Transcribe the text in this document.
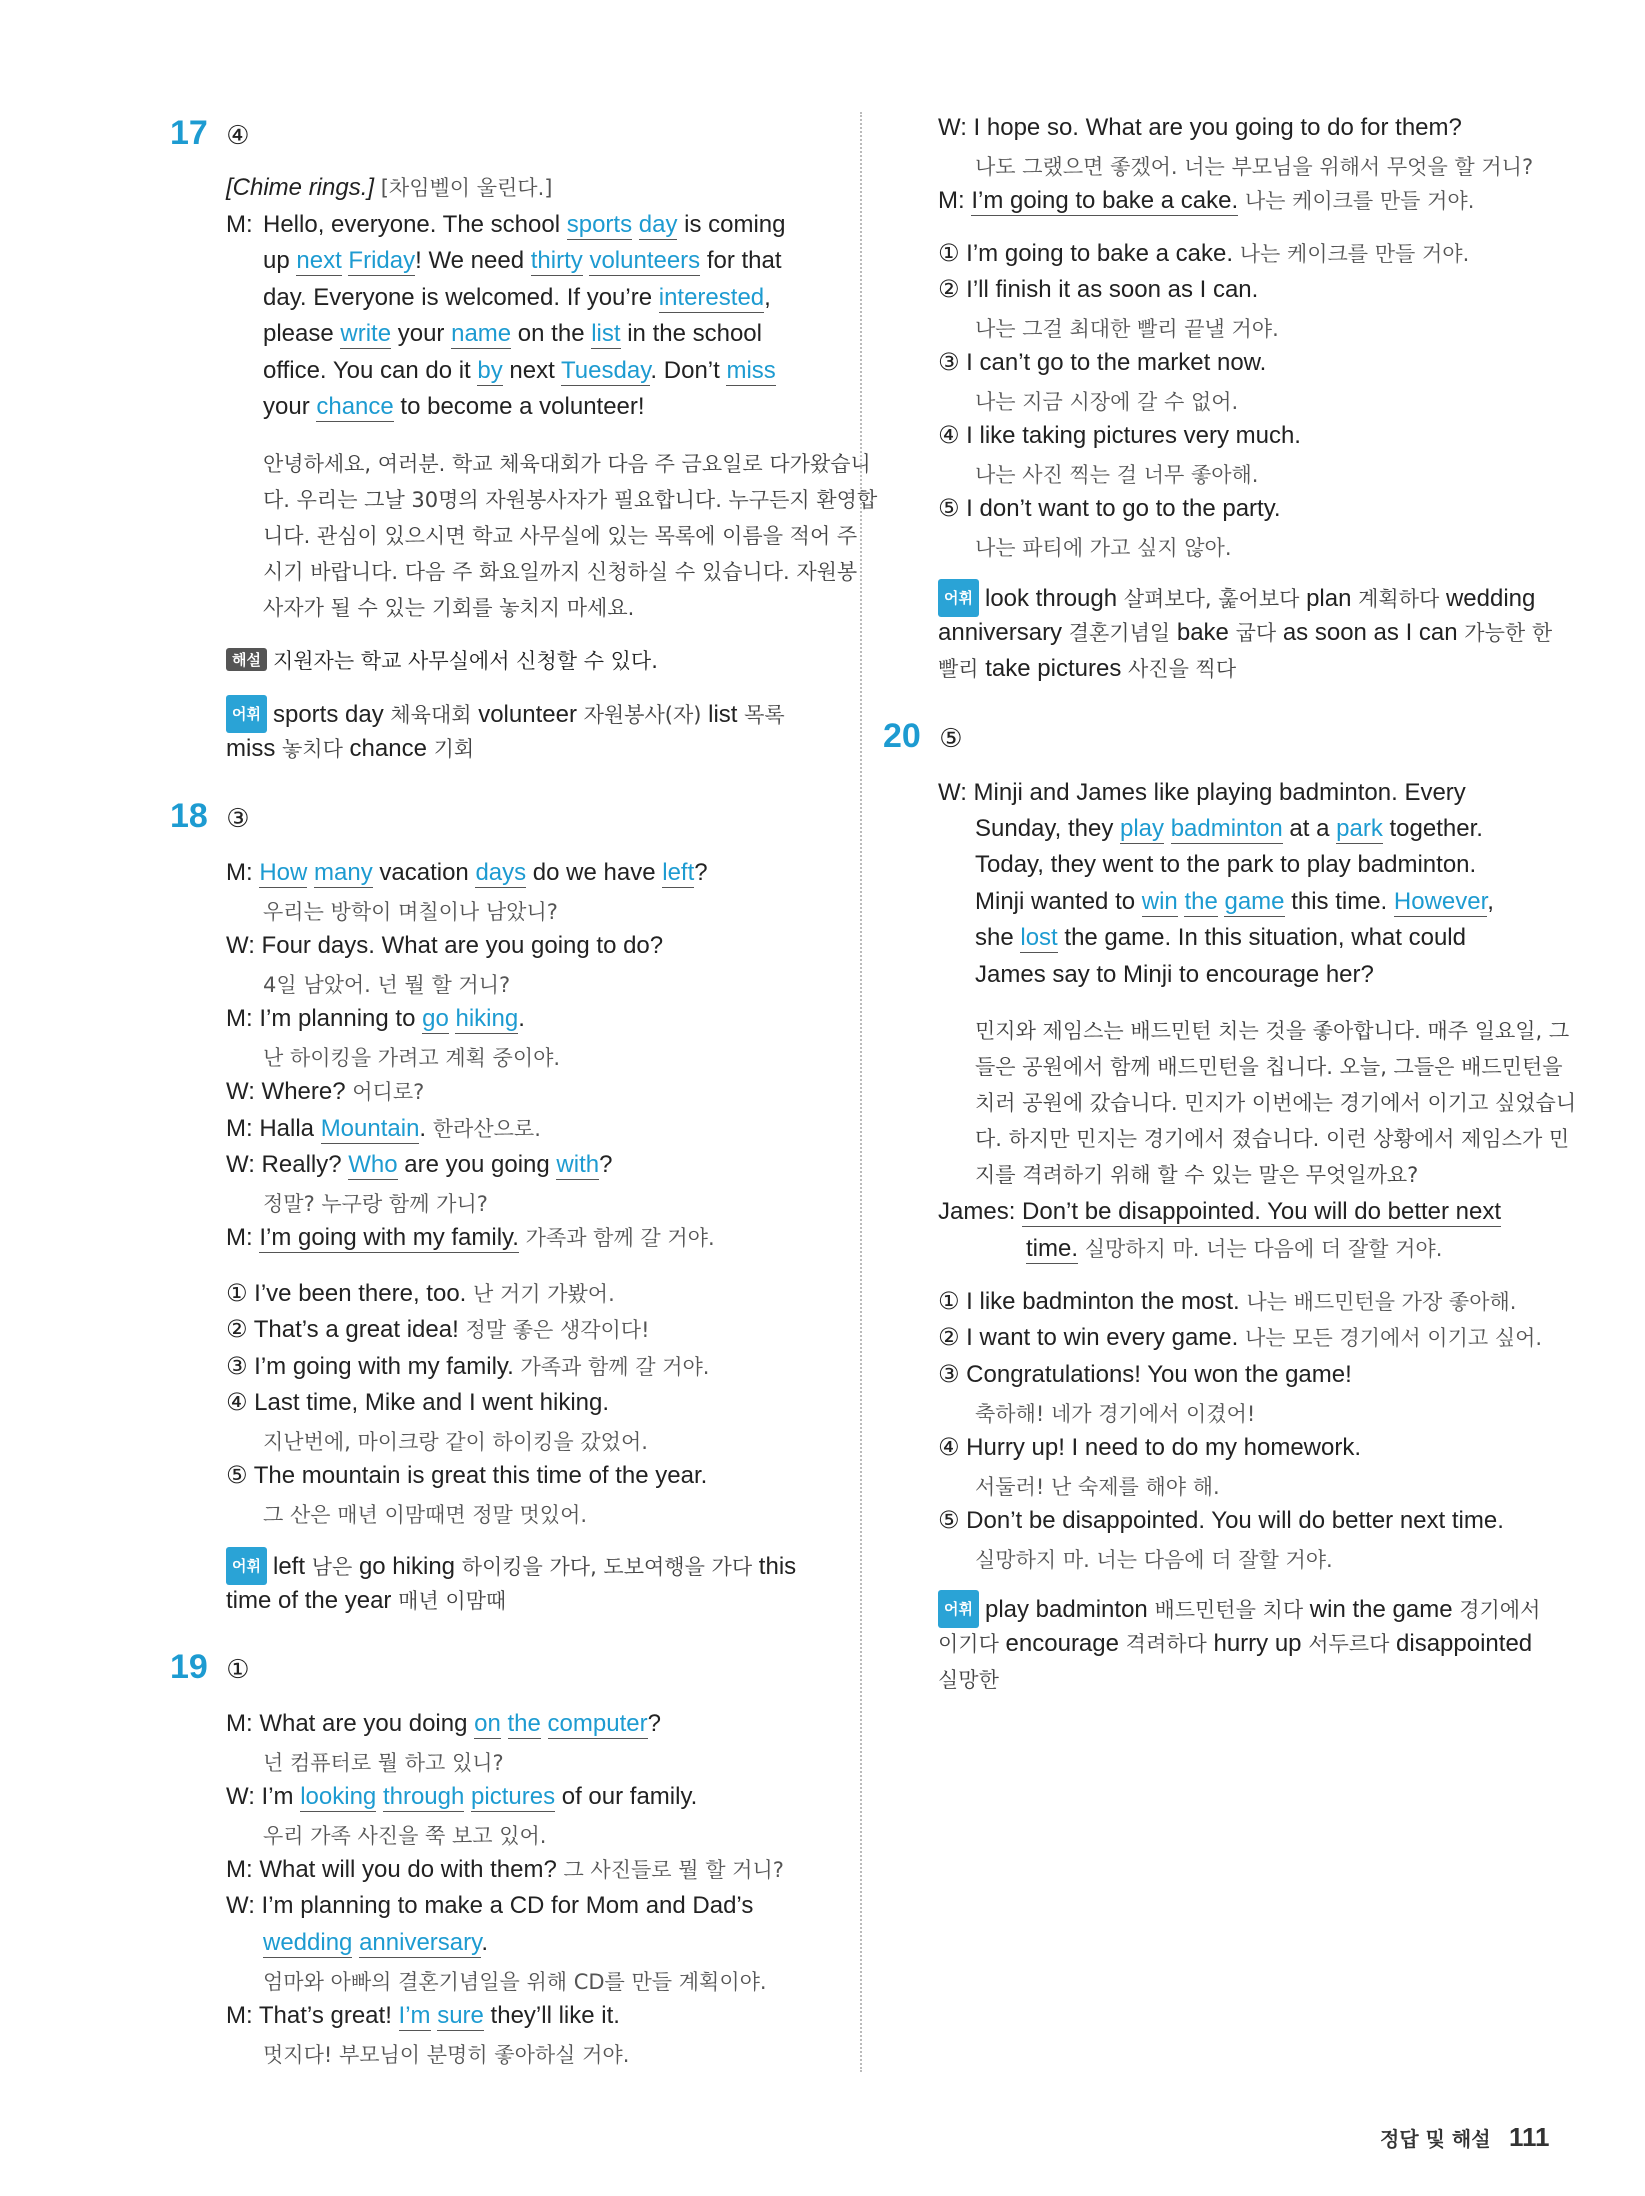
17 ④
[Chime rings.] [차임벨이 울린다.]
M: Hello, everyone. The school sports day is coming
up next Friday! We need thirty volunteers for that
day. Everyone is welcomed. If you’re interested,
please write your name on the list in the school
office. You can do it by next Tuesday. Don’t miss
your chance to become a volunteer!
안녕하세요, 여러분. 학교 체육대회가 다음 주 금요일로 다가왔습니
다. 우리는 그날 30명의 자원봉사자가 필요합니다. 누구든지 환영합
니다. 관심이 있으시면 학교 사무실에 있는 목록에 이름을 적어 주
시기 바랍니다. 다음 주 화요일까지 신청하실 수 있습니다. 자원봉
사자가 될 수 있는 기회를 놓치지 마세요.
해설 지원자는 학교 사무실에서 신청할 수 있다.
어휘 sports day 체육대회 volunteer 자원봉사(자) list 목록
miss 놓치다 chance 기회
18 ③
M: How many vacation days do we have left?
우리는 방학이 며칠이나 남았니?
W: Four days. What are you going to do?
4일 남았어. 넌 뭘 할 거니?
M: I’m planning to go hiking.
난 하이킹을 가려고 계획 중이야.
W: Where? 어디로?
M: Halla Mountain. 한라산으로.
W: Really? Who are you going with?
정말? 누구랑 함께 가니?
M: I’m going with my family. 가족과 함께 갈 거야.
① I’ve been there, too. 난 거기 가봤어.
② That’s a great idea! 정말 좋은 생각이다!
③ I’m going with my family. 가족과 함께 갈 거야.
④ Last time, Mike and I went hiking.
지난번에, 마이크랑 같이 하이킹을 갔었어.
⑤ The mountain is great this time of the year.
그 산은 매년 이맘때면 정말 멋있어.
어휘 left 남은 go hiking 하이킹을 가다, 도보여행을 가다 this
time of the year 매년 이맘때
19 ①
M: What are you doing on the computer?
넌 컴퓨터로 뭘 하고 있니?
W: I’m looking through pictures of our family.
우리 가족 사진을 쭉 보고 있어.
M: What will you do with them? 그 사진들로 뭘 할 거니?
W: I’m planning to make a CD for Mom and Dad’s
wedding anniversary.
엄마와 아빠의 결혼기념일을 위해 CD를 만들 계획이야.
M: That’s great! I’m sure they’ll like it.
멋지다! 부모님이 분명히 좋아하실 거야.
W: I hope so. What are you going to do for them?
나도 그랬으면 좋겠어. 너는 부모님을 위해서 무엇을 할 거니?
M: I’m going to bake a cake. 나는 케이크를 만들 거야.
① I’m going to bake a cake. 나는 케이크를 만들 거야.
② I’ll finish it as soon as I can.
나는 그걸 최대한 빨리 끝낼 거야.
③ I can’t go to the market now.
나는 지금 시장에 갈 수 없어.
④ I like taking pictures very much.
나는 사진 찍는 걸 너무 좋아해.
⑤ I don’t want to go to the party.
나는 파티에 가고 싶지 않아.
어휘 look through 살펴보다, 훑어보다 plan 계획하다 wedding
anniversary 결혼기념일 bake 굽다 as soon as I can 가능한 한
빨리 take pictures 사진을 찍다
20 ⑤
W: Minji and James like playing badminton. Every
Sunday, they play badminton at a park together.
Today, they went to the park to play badminton.
Minji wanted to win the game this time. However,
she lost the game. In this situation, what could
James say to Minji to encourage her?
민지와 제임스는 배드민턴 치는 것을 좋아합니다. 매주 일요일, 그
들은 공원에서 함께 배드민턴을 칩니다. 오늘, 그들은 배드민턴을
치러 공원에 갔습니다. 민지가 이번에는 경기에서 이기고 싶었습니
다. 하지만 민지는 경기에서 졌습니다. 이런 상황에서 제임스가 민
지를 격려하기 위해 할 수 있는 말은 무엇일까요?
James: Don’t be disappointed. You will do better next
time. 실망하지 마. 너는 다음에 더 잘할 거야.
① I like badminton the most. 나는 배드민턴을 가장 좋아해.
② I want to win every game. 나는 모든 경기에서 이기고 싶어.
③ Congratulations! You won the game!
축하해! 네가 경기에서 이겼어!
④ Hurry up! I need to do my homework.
서둘러! 난 숙제를 해야 해.
⑤ Don’t be disappointed. You will do better next time.
실망하지 마. 너는 다음에 더 잘할 거야.
어휘 play badminton 배드민턴을 치다 win the game 경기에서
이기다 encourage 격려하다 hurry up 서두르다 disappointed
실망한
정답 및 해설 111
